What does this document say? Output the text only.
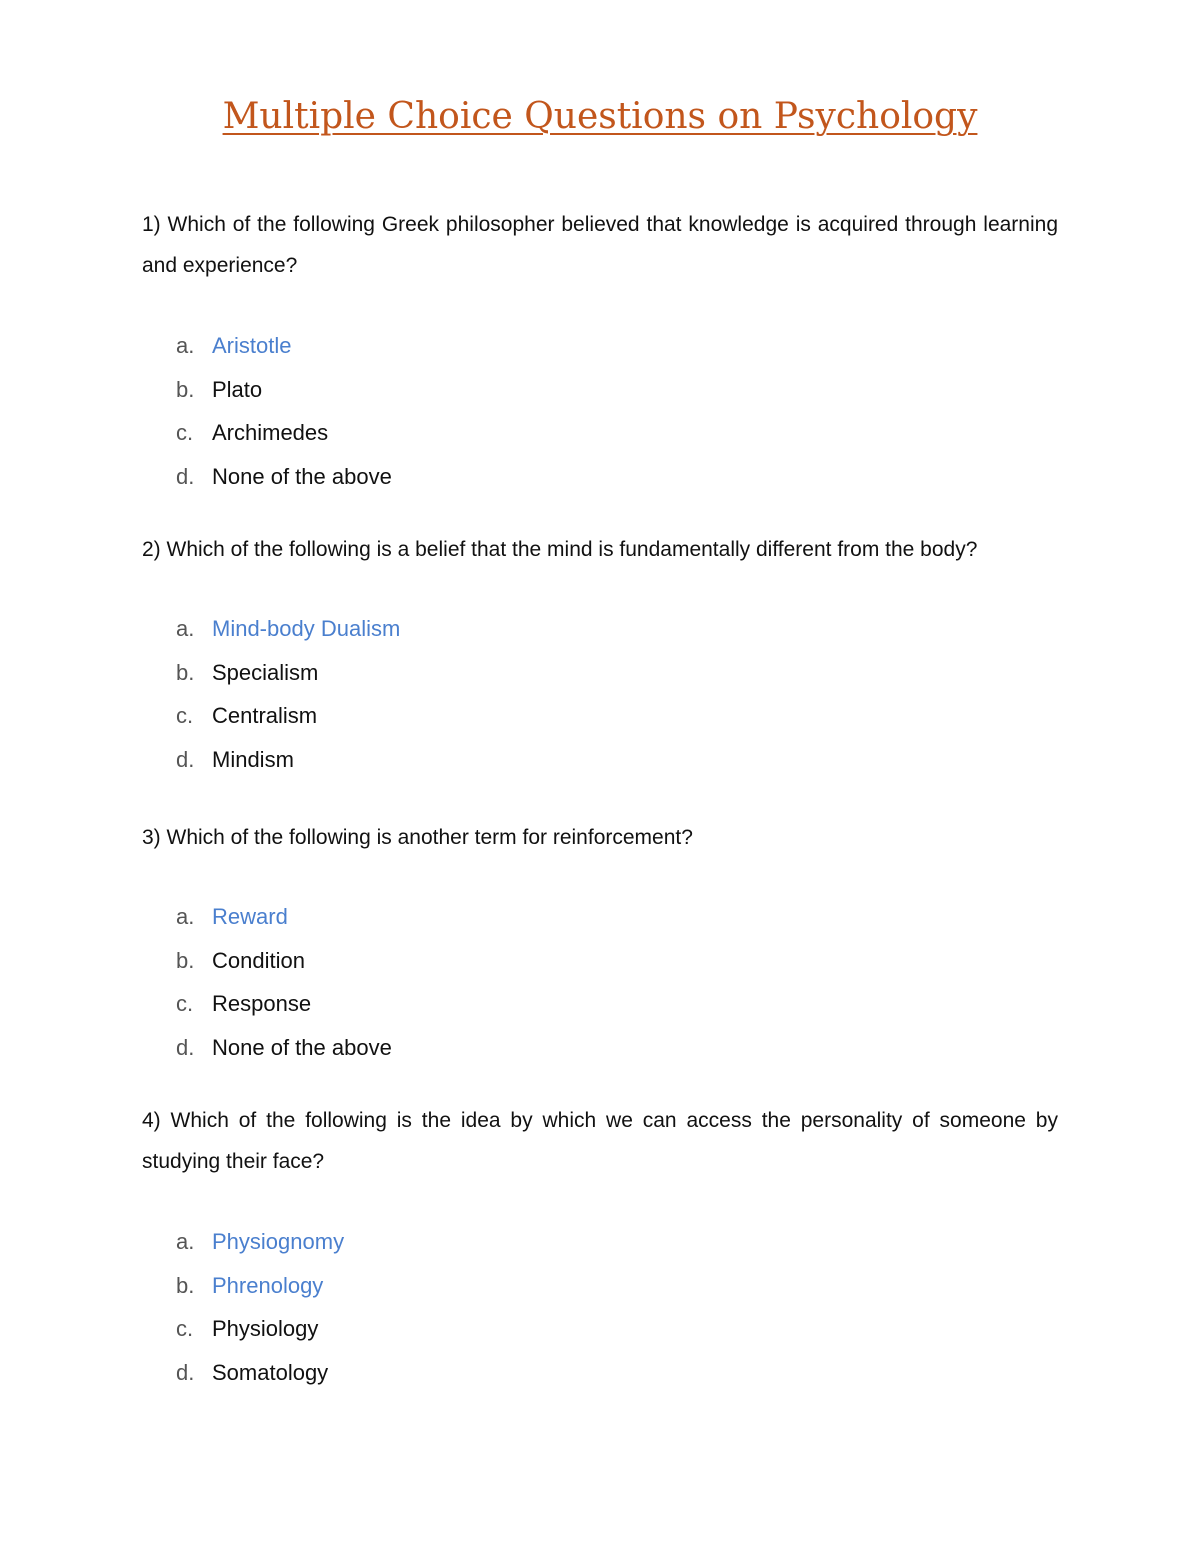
Multiple Choice Questions on Psychology

1) Which of the following Greek philosopher believed that knowledge is acquired through learning and experience?

a. Aristotle
b. Plato
c. Archimedes
d. None of the above

2) Which of the following is a belief that the mind is fundamentally different from the body?

a. Mind-body Dualism
b. Specialism
c. Centralism
d. Mindism

3) Which of the following is another term for reinforcement?

a. Reward
b. Condition
c. Response
d. None of the above

4) Which of the following is the idea by which we can access the personality of someone by studying their face?

a. Physiognomy
b. Phrenology
c. Physiology
d. Somatology
